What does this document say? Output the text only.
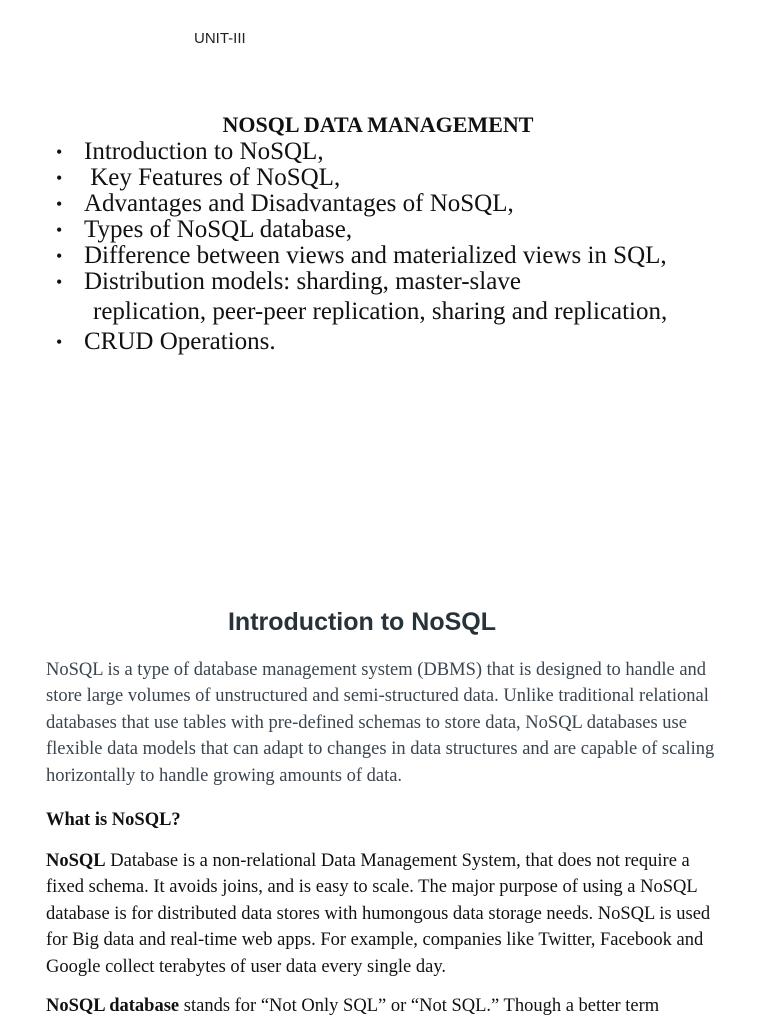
UNIT-III
NOSQL DATA MANAGEMENT
• Introduction to NoSQL,
• Key Features of NoSQL,
• Advantages and Disadvantages of NoSQL,
• Types of NoSQL database,
• Difference between views and materialized views in SQL,
• Distribution models: sharding, master-slave
replication, peer-peer replication, sharing and replication,
• CRUD Operations.
Introduction to NoSQL

NoSQL is a type of database management system (DBMS) that is designed to handle and store large volumes of unstructured and semi-structured data. Unlike traditional relational databases that use tables with pre-defined schemas to store data, NoSQL databases use flexible data models that can adapt to changes in data structures and are capable of scaling horizontally to handle growing amounts of data.

What is NoSQL?

NoSQL Database is a non-relational Data Management System, that does not require a fixed schema. It avoids joins, and is easy to scale. The major purpose of using a NoSQL database is for distributed data stores with humongous data storage needs. NoSQL is used for Big data and real-time web apps. For example, companies like Twitter, Facebook and Google collect terabytes of user data every single day.

NoSQL database stands for “Not Only SQL” or “Not SQL.” Though a better term
